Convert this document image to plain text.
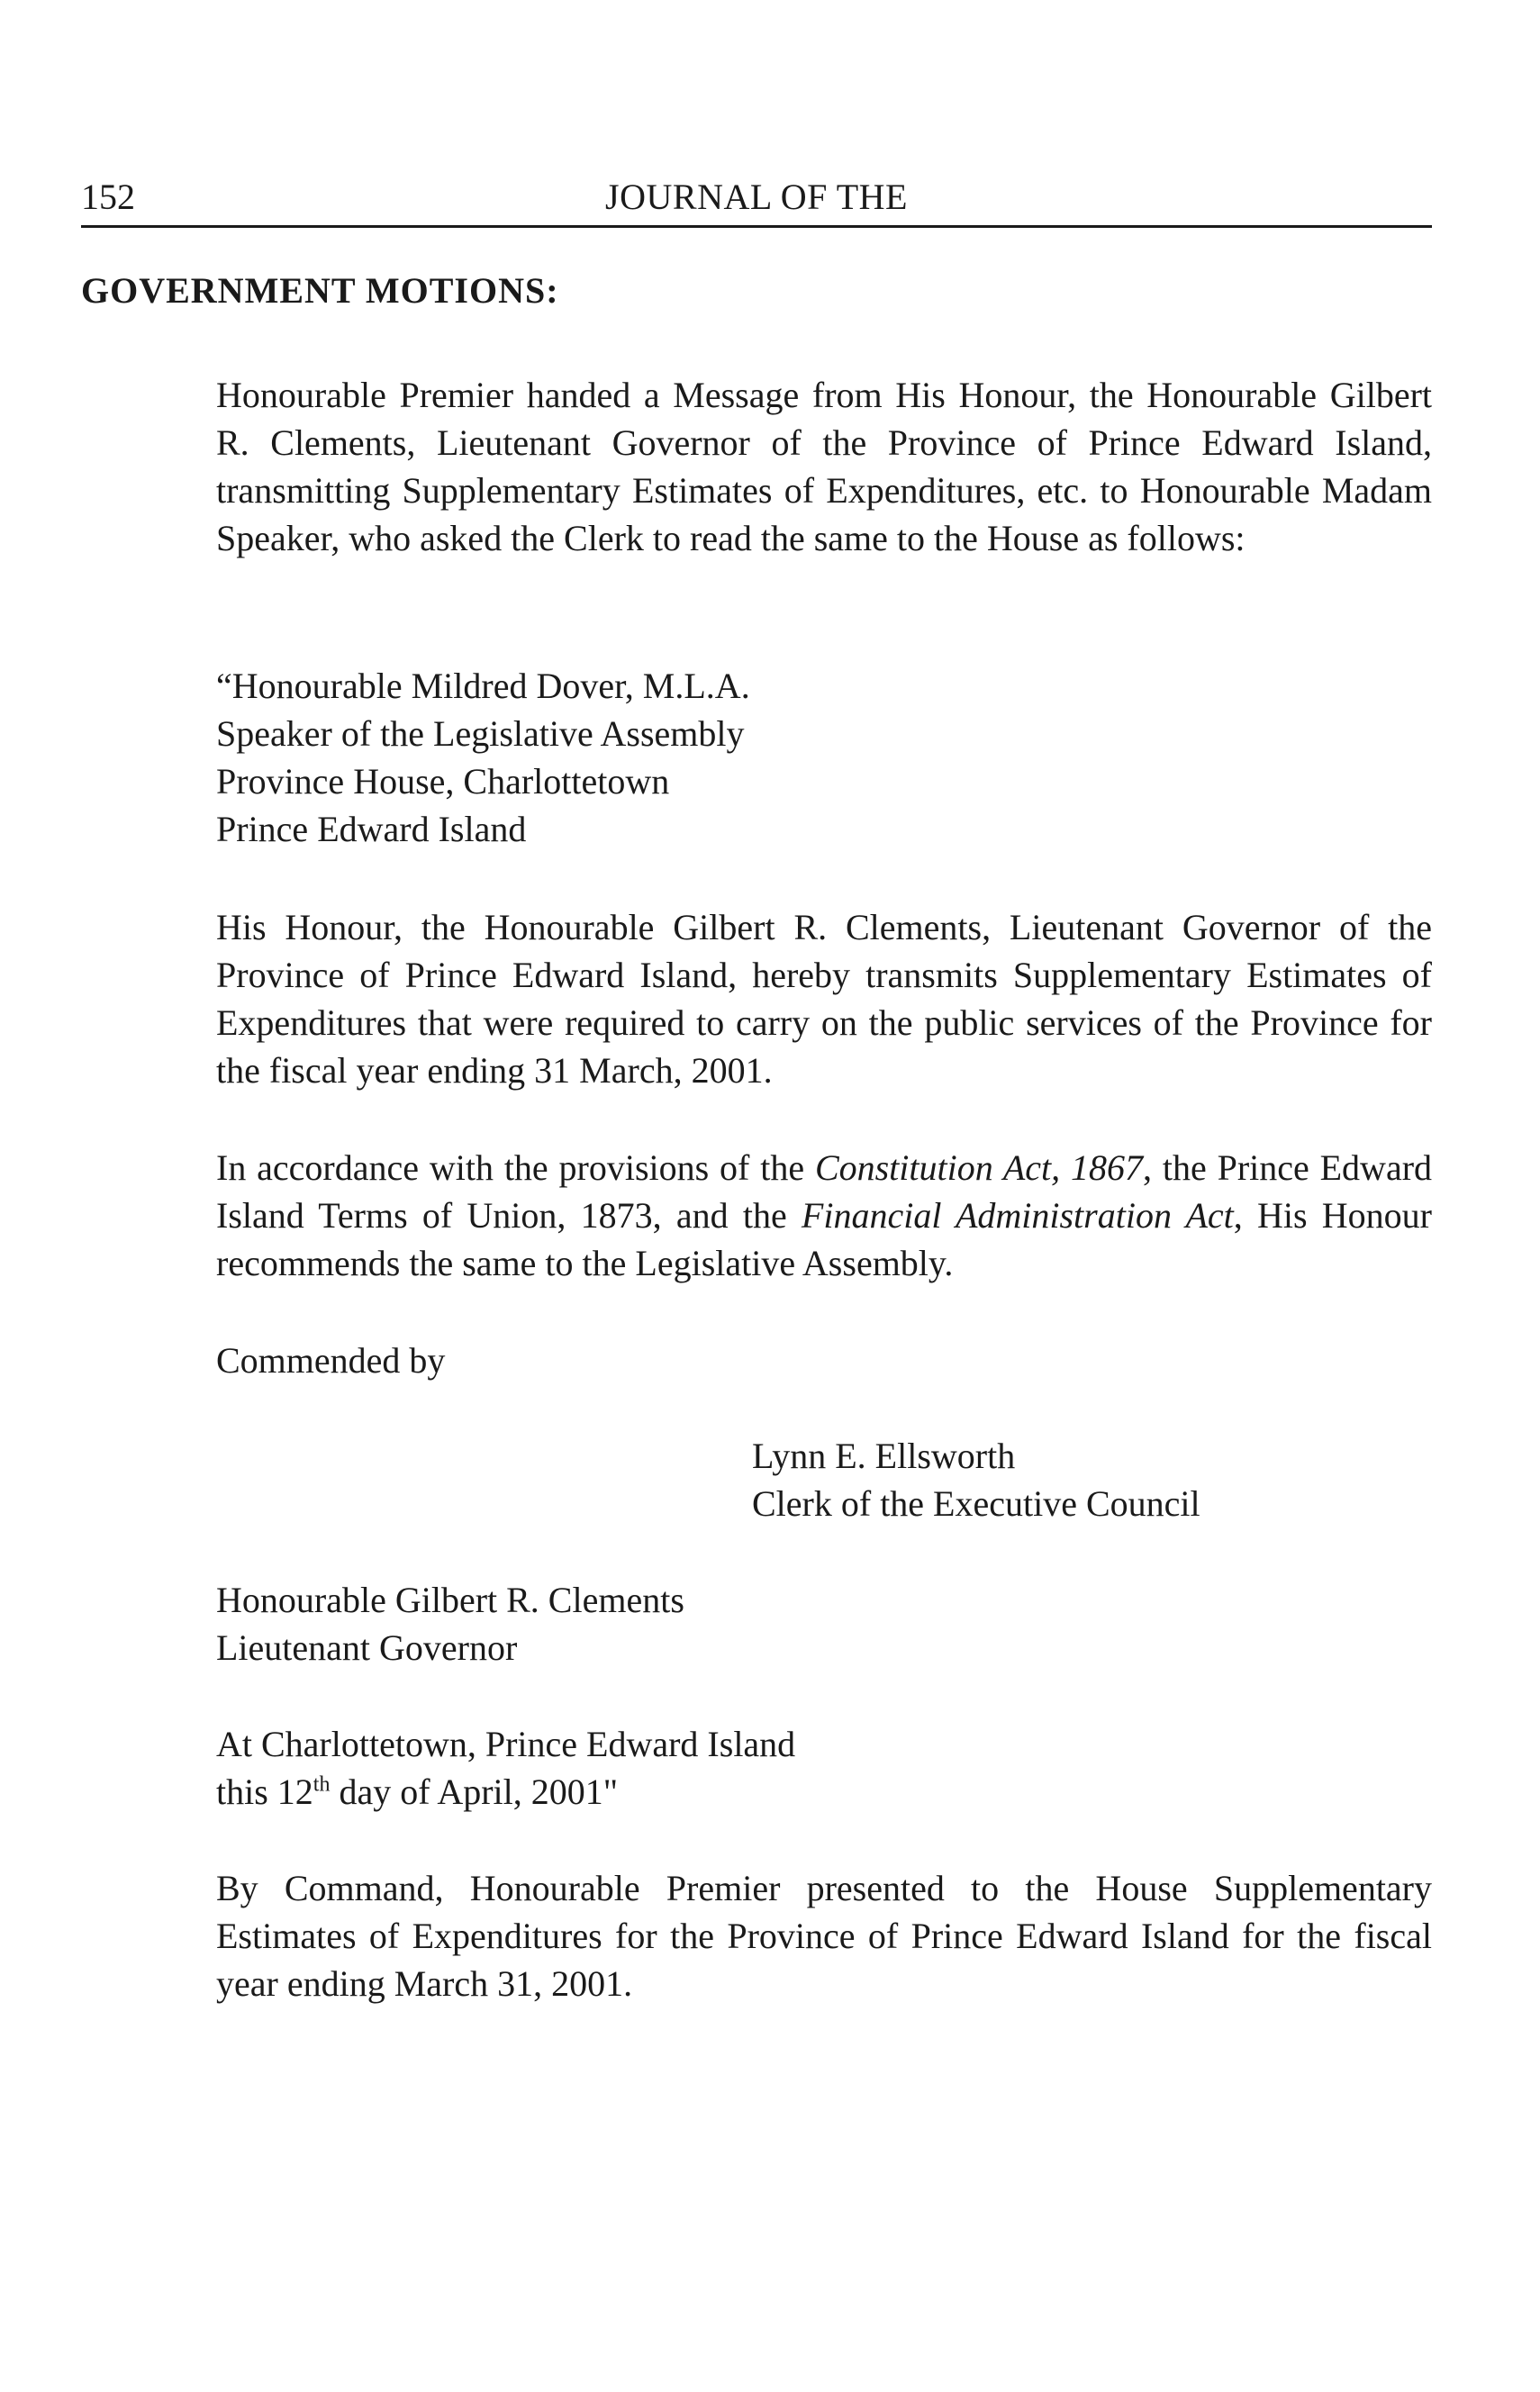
152	JOURNAL OF THE
GOVERNMENT MOTIONS:
Honourable Premier handed a Message from His Honour, the Honourable Gilbert R. Clements, Lieutenant Governor of the Province of Prince Edward Island, transmitting Supplementary Estimates of Expenditures, etc. to Honourable Madam Speaker, who asked the Clerk to read the same to the House as follows:
“Honourable Mildred Dover, M.L.A.
Speaker of the Legislative Assembly
Province House, Charlottetown
Prince Edward Island
His Honour, the Honourable Gilbert R. Clements, Lieutenant Governor of the Province of Prince Edward Island, hereby transmits Supplementary Estimates of Expenditures that were required to carry on the public services of the Province for the fiscal year ending 31 March, 2001.
In accordance with the provisions of the Constitution Act, 1867, the Prince Edward Island Terms of Union, 1873, and the Financial Administration Act, His Honour recommends the same to the Legislative Assembly.
Commended by
Lynn E. Ellsworth
Clerk of the Executive Council
Honourable Gilbert R. Clements
Lieutenant Governor
At Charlottetown, Prince Edward Island
this 12th day of April, 2001"
By Command, Honourable Premier presented to the House Supplementary Estimates of Expenditures for the Province of Prince Edward Island for the fiscal year ending March 31, 2001.
